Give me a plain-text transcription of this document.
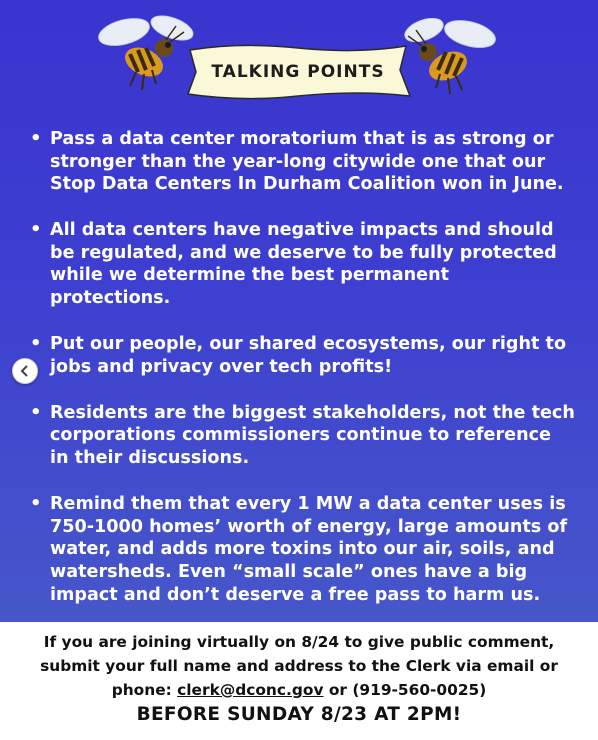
TALKING POINTS
• Pass a data center moratorium that is as strong or stronger than the year-long citywide one that our Stop Data Centers In Durham Coalition won in June.
• All data centers have negative impacts and should be regulated, and we deserve to be fully protected while we determine the best permanent protections.
• Put our people, our shared ecosystems, our right to jobs and privacy over tech profits!
• Residents are the biggest stakeholders, not the tech corporations commissioners continue to reference in their discussions.
• Remind them that every 1 MW a data center uses is 750-1000 homes’ worth of energy, large amounts of water, and adds more toxins into our air, soils, and watersheds. Even “small scale” ones have a big impact and don’t deserve a free pass to harm us.
If you are joining virtually on 8/24 to give public comment, submit your full name and address to the Clerk via email or phone: clerk@dconc.gov or (919-560-0025)
BEFORE SUNDAY 8/23 AT 2PM!
